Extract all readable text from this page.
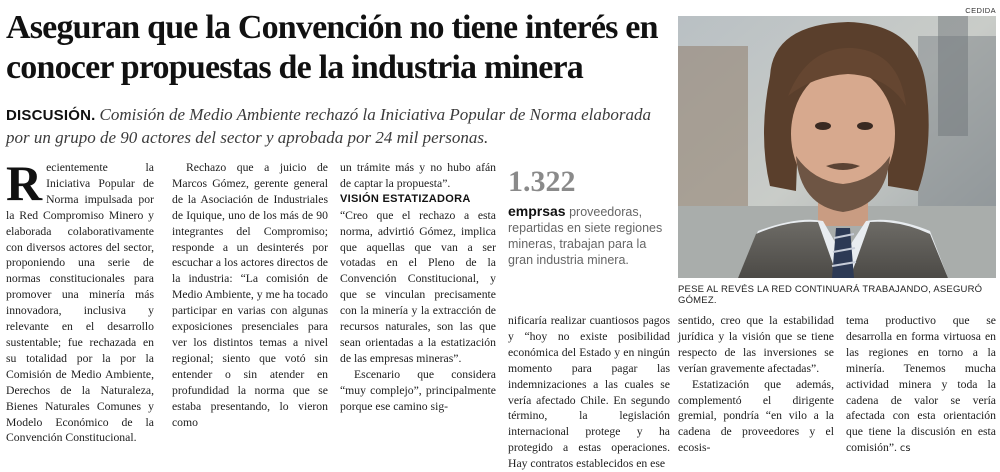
CEDIDA
Aseguran que la Convención no tiene interés en conocer propuestas de la industria minera
DISCUSIÓN. Comisión de Medio Ambiente rechazó la Iniciativa Popular de Norma elaborada por un grupo de 90 actores del sector y aprobada por 24 mil personas.
Recientemente la Iniciativa Popular de Norma impulsada por la Red Compromiso Minero y elaborada colaborativamente con diversos actores del sector, proponiendo una serie de normas constitucionales para promover una minería más innovadora, inclusiva y relevante en el desarrollo sustentable; fue rechazada en su totalidad por la por la Comisión de Medio Ambiente, Derechos de la Naturaleza, Bienes Naturales Comunes y Modelo Económico de la Convención Constitucional.

Rechazo que a juicio de Marcos Gómez, gerente general de la Asociación de Industriales de Iquique, uno de los más de 90 integrantes del Compromiso; responde a un desinterés por escuchar a los actores directos de la industria: “La comisión de Medio Ambiente, y me ha tocado participar en varias con algunas exposiciones presenciales para ver los distintos temas a nivel regional; siento que votó sin entender o sin atender en profundidad la norma que se estaba presentando, lo vieron como

un trámite más y no hubo afán de captar la propuesta”.

VISIÓN ESTATIZADORA

“Creo que el rechazo a esta norma, advirtió Gómez, implica que aquellas que van a ser votadas en el Pleno de la Convención Constitucional, y que se vinculan precisamente con la minería y la extracción de recursos naturales, son las que sean orientadas a la estatización de las empresas mineras”.

Escenario que considera “muy complejo”, principalmente porque ese camino sig-

1.322
emprsas proveedoras, repartidas en siete regiones mineras, trabajan para la gran industria minera.

nificaría realizar cuantiosos pagos y “hoy no existe posibilidad económica del Estado y en ningún momento para pagar las indemnizaciones a las cuales se vería afectado Chile. En segundo término, la legislación internacional protege y ha protegido a estas operaciones. Hay contratos establecidos en ese

sentido, creo que la estabilidad jurídica y la visión que se tiene respecto de las inversiones se verían gravemente afectadas”.

Estatización que además, complementó el dirigente gremial, pondría “en vilo a la cadena de proveedores y el ecosis-

tema productivo que se desarrolla en forma virtuosa en las regiones en torno a la minería. Tenemos mucha actividad minera y toda la cadena de valor se vería afectada con esta orientación que tiene la discusión en esta comisión”. cs
PESE AL REVÉS LA RED CONTINUARÁ TRABAJANDO, ASEGURÓ GÓMEZ.
